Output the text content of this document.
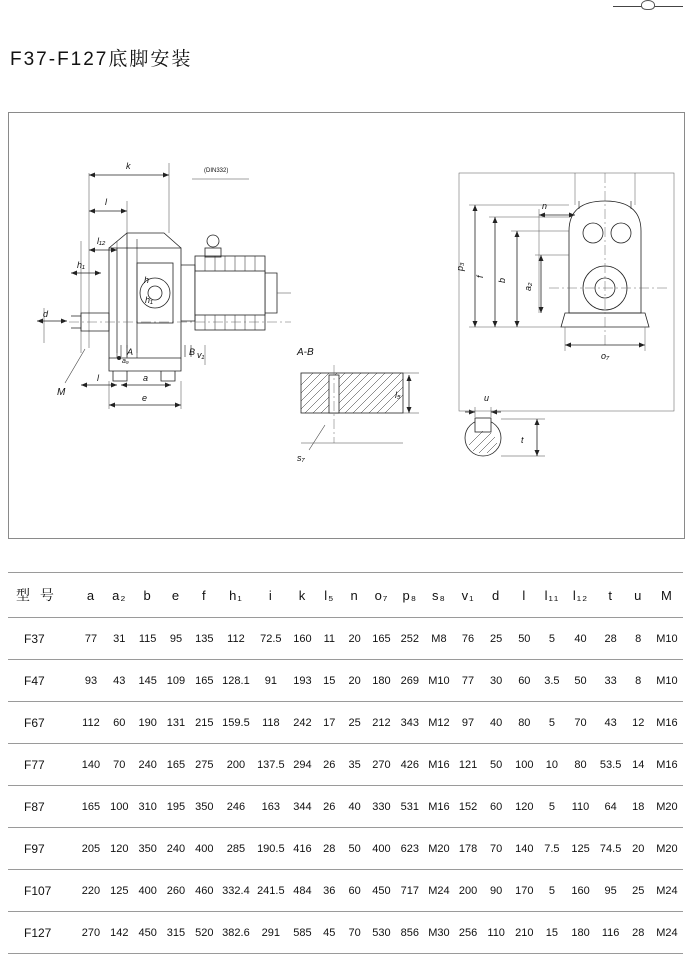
F37-F127底脚安装
k	(DIN332)
l
l₁₂
h₁
d
M
a₉
A	B v₁
l	a
e
h
h₁
A-B
l₅
s₇
u
t
n
p₃
f
b
a₂
o₇
型 号	a	a₂	b	e	f	h₁	i	k	l₅	n	o₇	p₈	s₈	v₁	d	l	l₁₁	l₁₂	t	u	M
F37	77	31	115	95	135	112	72.5	160	11	20	165	252	M8	76	25	50	5	40	28	8	M10
F47	93	43	145	109	165	128.1	91	193	15	20	180	269	M10	77	30	60	3.5	50	33	8	M10
F67	112	60	190	131	215	159.5	118	242	17	25	212	343	M12	97	40	80	5	70	43	12	M16
F77	140	70	240	165	275	200	137.5	294	26	35	270	426	M16	121	50	100	10	80	53.5	14	M16
F87	165	100	310	195	350	246	163	344	26	40	330	531	M16	152	60	120	5	110	64	18	M20
F97	205	120	350	240	400	285	190.5	416	28	50	400	623	M20	178	70	140	7.5	125	74.5	20	M20
F107	220	125	400	260	460	332.4	241.5	484	36	60	450	717	M24	200	90	170	5	160	95	25	M24
F127	270	142	450	315	520	382.6	291	585	45	70	530	856	M30	256	110	210	15	180	116	28	M24
